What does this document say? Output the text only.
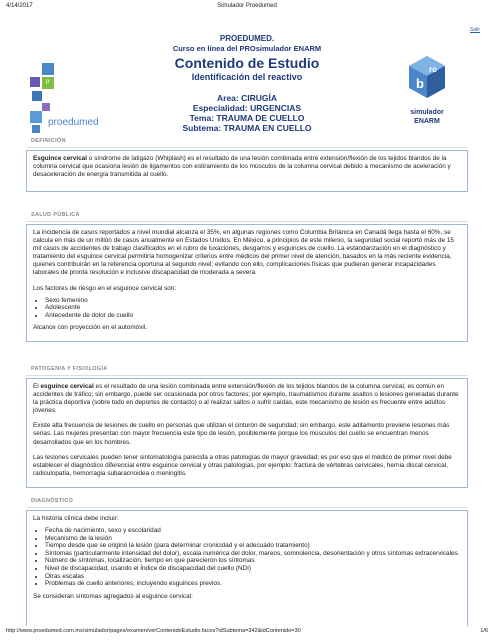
4/14/2017	Simulador Proedumed
Salir
p
proedumed
PROEDUMED.
Curso en línea del PROsimulador ENARM
Contenido de Estudio
Identificación del reactivo
Area: CIRUGÍA
Especialidad: URGENCIAS
Tema: TRAUMA DE CUELLO
Subtema: TRAUMA EN CUELLO
b
ro
simulador
ENARM
DEFINICIÓN
Esguince cervical o síndrome de latigazo (Whiplash) es el resultado de una lesión combinada entre extensión/flexión de los tejidos blandos de la columna cervical que ocasiona lesión de ligamentos con estiramiento de los músculos de la columna cervical debido a mecanismo de aceleración y desaceleración de energía transmitida al cuello.
SALUD PÚBLICA
La incidencia de casos reportados a nivel mundial alcanza el 35%, en algunas regiones como Columbia Británica en Canadá llega hasta el 60%, se calcula en más de un millón de casos anualmente en Estados Unidos. En México, a principios de este milenio, la seguridad social reportó más de 15 mil casos de accidentes de trabajo clasificados en el rubro de luxaciones, desgarros y esguinces de cuello. La estandarización en el diagnóstico y tratamiento del esguince cervical permitiría homogenizar criterios entre médicos del primer nivel de atención, basados en la más reciente evidencia, quienes contribuirán en la referencia oportuna al segundo nivel; evitando con ello, complicaciones físicas que pudieran generar incapacidades laborales de pronta resolución e inclusive discapacidad de moderada a severa.
Los factores de riesgo en el esguince cervical son:
• Sexo femenino
• Adolescente
• Antecedente de dolor de cuello
Alcance con proyección en el automóvil.
PATOGENIA Y FISIOLOGÍA
El esguince cervical es el resultado de una lesión combinada entre extensión/flexión de los tejidos blandos de la columna cervical, es común en accidentes de tráfico; sin embargo, puede ser ocasionada por otros factores; por ejemplo, traumatismos durante asaltos o lesiones generadas durante la práctica deportiva (sobre todo en deportes de contacto) o al realizar saltos o sufrir caídas, este mecanismo de lesión es frecuente entre adultos jóvenes.
Existe alta frecuencia de lesiones de cuello en personas que utilizan el cinturón de seguridad; sin embargo, este aditamento previene lesiones más serias. Las mujeres presentan con mayor frecuencia este tipo de lesión, posiblemente porque los músculos del cuello se encuentran menos desarrollados que en los hombres.
Las lesiones cervicales pueden tener sintomatología parecida a otras patologías de mayor gravedad; es por eso que el médico de primer nivel debe establecer el diagnóstico diferencial entre esguince cervical y otras patologías, por ejemplo: fractura de vértebras cervicales, hernia discal cervical, radiculopatía, hemorragia subaracnoidea o meningitis.
DIAGNÓSTICO
La historia clínica debe incluir:
• Fecha de nacimiento, sexo y escolaridad
• Mecanismo de la lesión
• Tiempo desde que se originó la lesión (para determinar cronicidad y el adecuado tratamiento)
• Síntomas (particularmente intensidad del dolor), escala numérica del dolor, mareos, somnolencia, desorientación y otros síntomas extracervicales.
• Número de síntomas, localización, tiempo en que parecieron los síntomas
• Nivel de discapacidad, usando el Índice de discapacidad del cuello (NDI)
• Otras escalas
• Problemas de cuello anteriores, incluyendo esguinces previos.
Se consideran síntomas agregados al esguince cervical:
http://www.proedumed.com.mx/simulador/pages/examen/verContenidoEstudio.faces?idSubtema=342&idContenido=30	1/6
